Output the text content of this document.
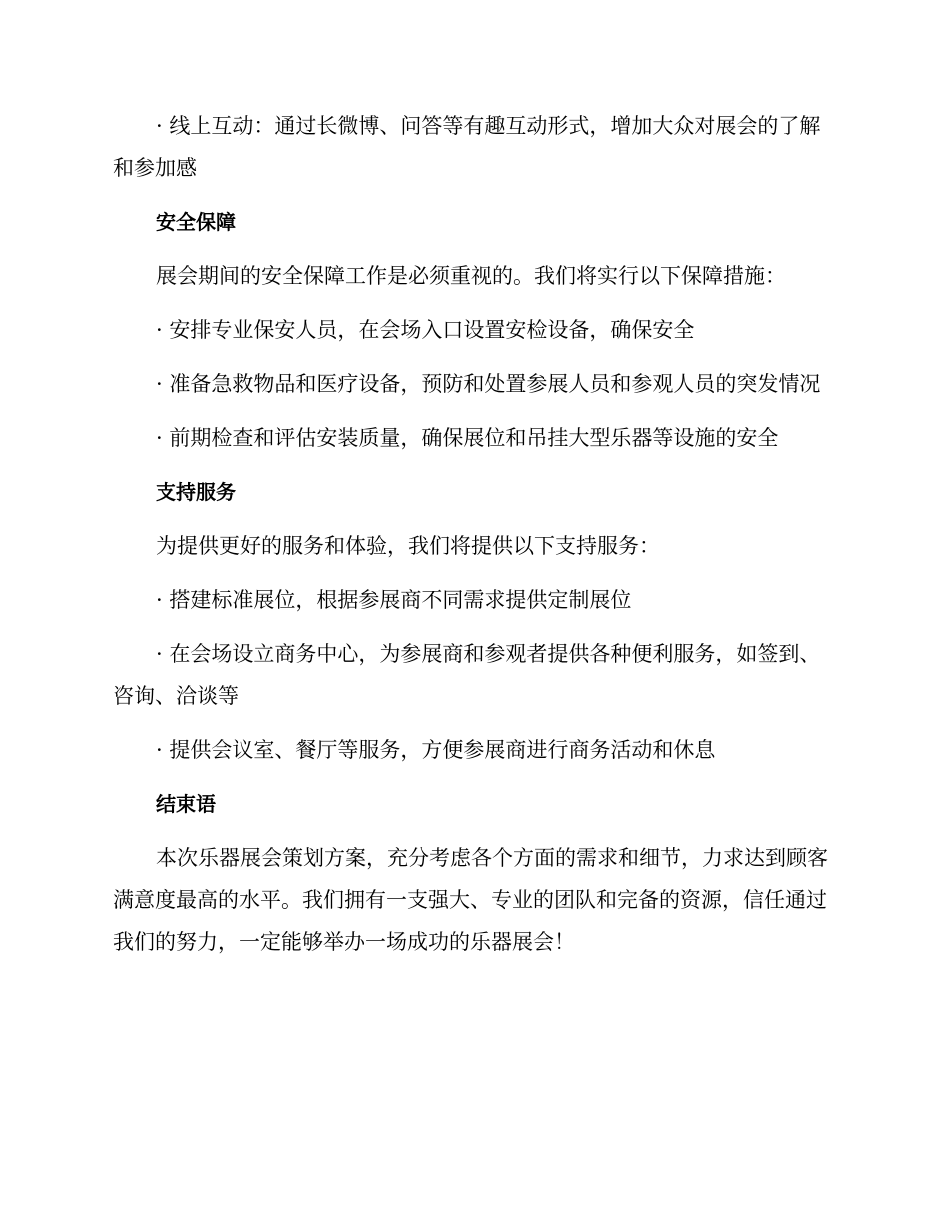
· 线上互动：通过长微博、问答等有趣互动形式，增加大众对展会的了解和参加感

安全保障

展会期间的安全保障工作是必须重视的。我们将实行以下保障措施：

· 安排专业保安人员，在会场入口设置安检设备，确保安全

· 准备急救物品和医疗设备，预防和处置参展人员和参观人员的突发情况

· 前期检查和评估安装质量，确保展位和吊挂大型乐器等设施的安全

支持服务

为提供更好的服务和体验，我们将提供以下支持服务：

· 搭建标准展位，根据参展商不同需求提供定制展位

· 在会场设立商务中心，为参展商和参观者提供各种便利服务，如签到、咨询、洽谈等

· 提供会议室、餐厅等服务，方便参展商进行商务活动和休息

结束语

本次乐器展会策划方案，充分考虑各个方面的需求和细节，力求达到顾客满意度最高的水平。我们拥有一支强大、专业的团队和完备的资源，信任通过我们的努力，一定能够举办一场成功的乐器展会！
